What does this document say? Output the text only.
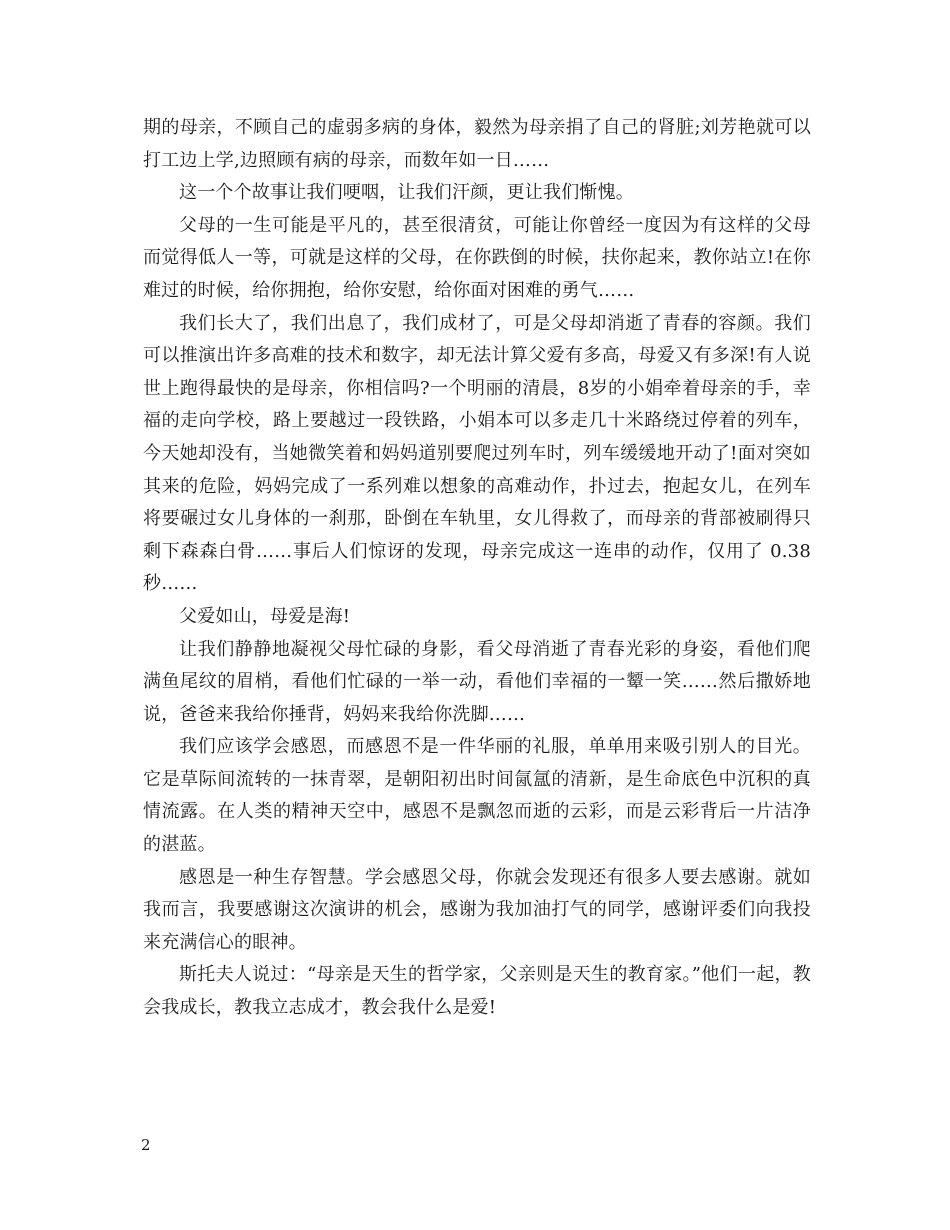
期的母亲，不顾自己的虚弱多病的身体，毅然为母亲捐了自己的肾脏;刘芳艳就可以打工边上学,边照顾有病的母亲，而数年如一日……

这一个个故事让我们哽咽，让我们汗颜，更让我们惭愧。

父母的一生可能是平凡的，甚至很清贫，可能让你曾经一度因为有这样的父母而觉得低人一等，可就是这样的父母，在你跌倒的时候，扶你起来，教你站立!在你难过的时候，给你拥抱，给你安慰，给你面对困难的勇气……

我们长大了，我们出息了，我们成材了，可是父母却消逝了青春的容颜。我们可以推演出许多高难的技术和数字，却无法计算父爱有多高，母爱又有多深!有人说世上跑得最快的是母亲，你相信吗?一个明丽的清晨，8岁的小娟牵着母亲的手，幸福的走向学校，路上要越过一段铁路，小娟本可以多走几十米路绕过停着的列车，今天她却没有，当她微笑着和妈妈道别要爬过列车时，列车缓缓地开动了!面对突如其来的危险，妈妈完成了一系列难以想象的高难动作，扑过去，抱起女儿，在列车将要碾过女儿身体的一刹那，卧倒在车轨里，女儿得救了，而母亲的背部被刷得只剩下森森白骨……事后人们惊讶的发现，母亲完成这一连串的动作，仅用了 0.38秒……

父爱如山，母爱是海!

让我们静静地凝视父母忙碌的身影，看父母消逝了青春光彩的身姿，看他们爬满鱼尾纹的眉梢，看他们忙碌的一举一动，看他们幸福的一颦一笑……然后撒娇地说，爸爸来我给你捶背，妈妈来我给你洗脚……

我们应该学会感恩，而感恩不是一件华丽的礼服，单单用来吸引别人的目光。它是草际间流转的一抹青翠，是朝阳初出时间氤氲的清新，是生命底色中沉积的真情流露。在人类的精神天空中，感恩不是飘忽而逝的云彩，而是云彩背后一片洁净的湛蓝。

感恩是一种生存智慧。学会感恩父母，你就会发现还有很多人要去感谢。就如我而言，我要感谢这次演讲的机会，感谢为我加油打气的同学，感谢评委们向我投来充满信心的眼神。

斯托夫人说过：“母亲是天生的哲学家，父亲则是天生的教育家。”他们一起，教会我成长，教我立志成才，教会我什么是爱!

2
